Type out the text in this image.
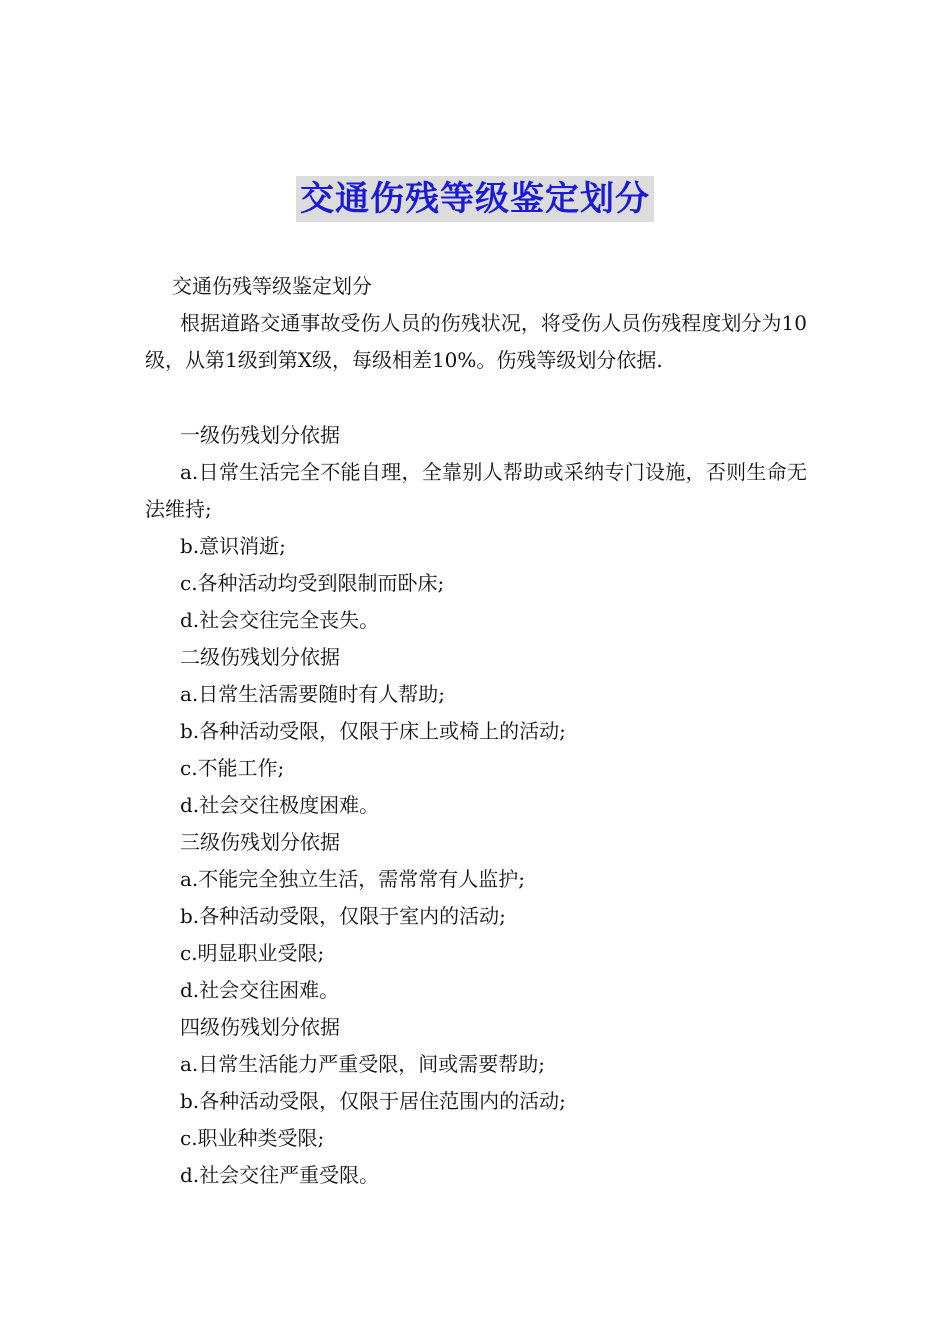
交通伤残等级鉴定划分

交通伤残等级鉴定划分

根据道路交通事故受伤人员的伤残状况，将受伤人员伤残程度划分为10级，从第1级到第X级，每级相差10%。伤残等级划分依据.

一级伤残划分依据

a.日常生活完全不能自理，全靠别人帮助或采纳专门设施，否则生命无法维持;

b.意识消逝;

c.各种活动均受到限制而卧床;

d.社会交往完全丧失。

二级伤残划分依据

a.日常生活需要随时有人帮助;

b.各种活动受限，仅限于床上或椅上的活动;

c.不能工作;

d.社会交往极度困难。

三级伤残划分依据

a.不能完全独立生活，需常常有人监护;

b.各种活动受限，仅限于室内的活动;

c.明显职业受限;

d.社会交往困难。

四级伤残划分依据

a.日常生活能力严重受限，间或需要帮助;

b.各种活动受限，仅限于居住范围内的活动;

c.职业种类受限;

d.社会交往严重受限。
